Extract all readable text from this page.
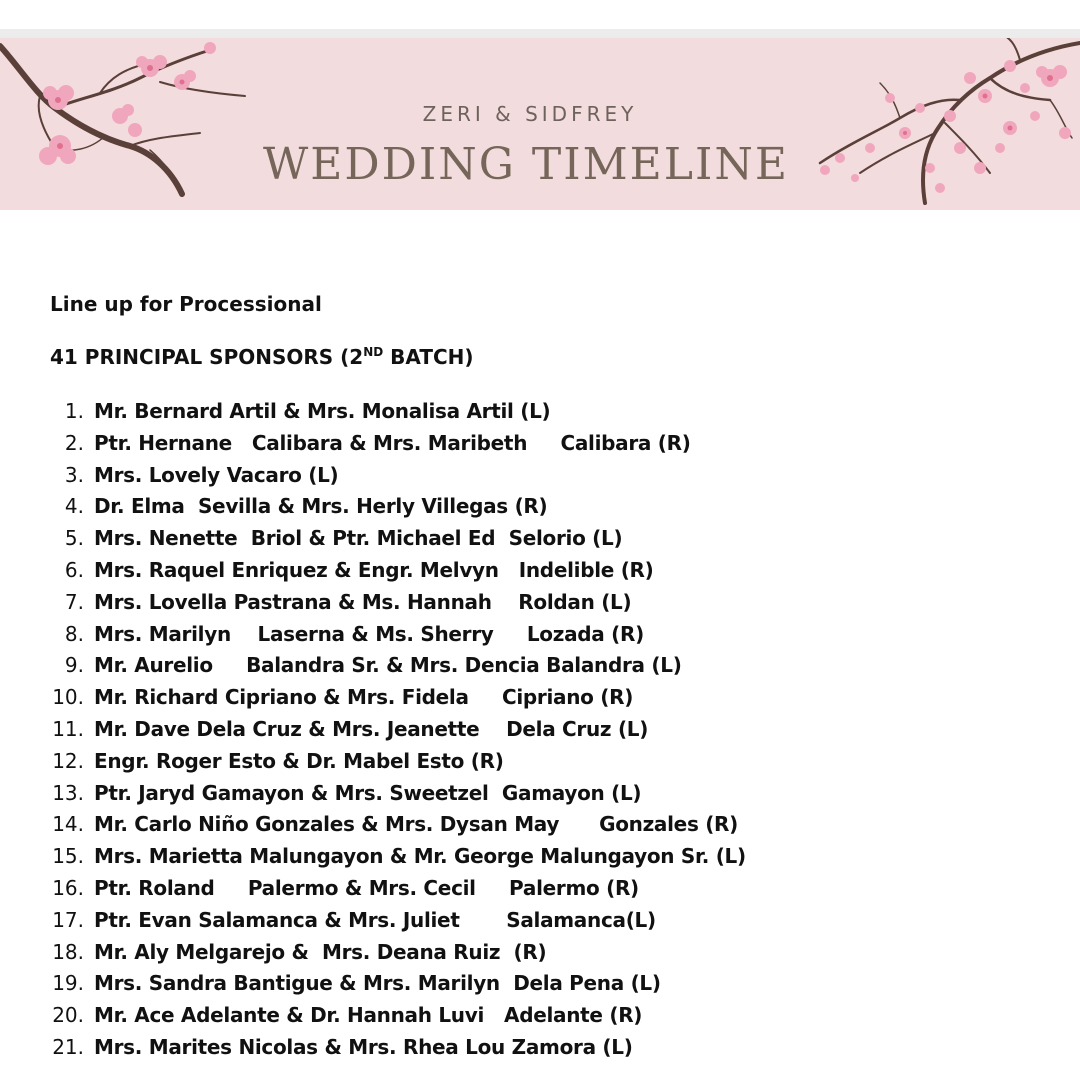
ZERI & SIDFREY
WEDDING TIMELINE
Line up for Processional
41 PRINCIPAL SPONSORS (2ND BATCH)
1. Mr. Bernard Artil & Mrs. Monalisa Artil (L)
2. Ptr. Hernane   Calibara & Mrs. Maribeth     Calibara (R)
3. Mrs. Lovely Vacaro (L)
4. Dr. Elma  Sevilla & Mrs. Herly Villegas (R)
5. Mrs. Nenette  Briol & Ptr. Michael Ed  Selorio (L)
6. Mrs. Raquel Enriquez & Engr. Melvyn   Indelible (R)
7. Mrs. Lovella Pastrana & Ms. Hannah    Roldan (L)
8. Mrs. Marilyn    Laserna & Ms. Sherry     Lozada (R)
9. Mr. Aurelio     Balandra Sr. & Mrs. Dencia Balandra (L)
10. Mr. Richard Cipriano & Mrs. Fidela     Cipriano (R)
11. Mr. Dave Dela Cruz & Mrs. Jeanette    Dela Cruz (L)
12. Engr. Roger Esto & Dr. Mabel Esto (R)
13. Ptr. Jaryd Gamayon & Mrs. Sweetzel  Gamayon (L)
14. Mr. Carlo Niño Gonzales & Mrs. Dysan May      Gonzales (R)
15. Mrs. Marietta Malungayon & Mr. George Malungayon Sr. (L)
16. Ptr. Roland     Palermo & Mrs. Cecil     Palermo (R)
17. Ptr. Evan Salamanca & Mrs. Juliet       Salamanca(L)
18. Mr. Aly Melgarejo &  Mrs. Deana Ruiz  (R)
19. Mrs. Sandra Bantigue & Mrs. Marilyn  Dela Pena (L)
20. Mr. Ace Adelante & Dr. Hannah Luvi   Adelante (R)
21. Mrs. Marites Nicolas & Mrs. Rhea Lou Zamora (L)
